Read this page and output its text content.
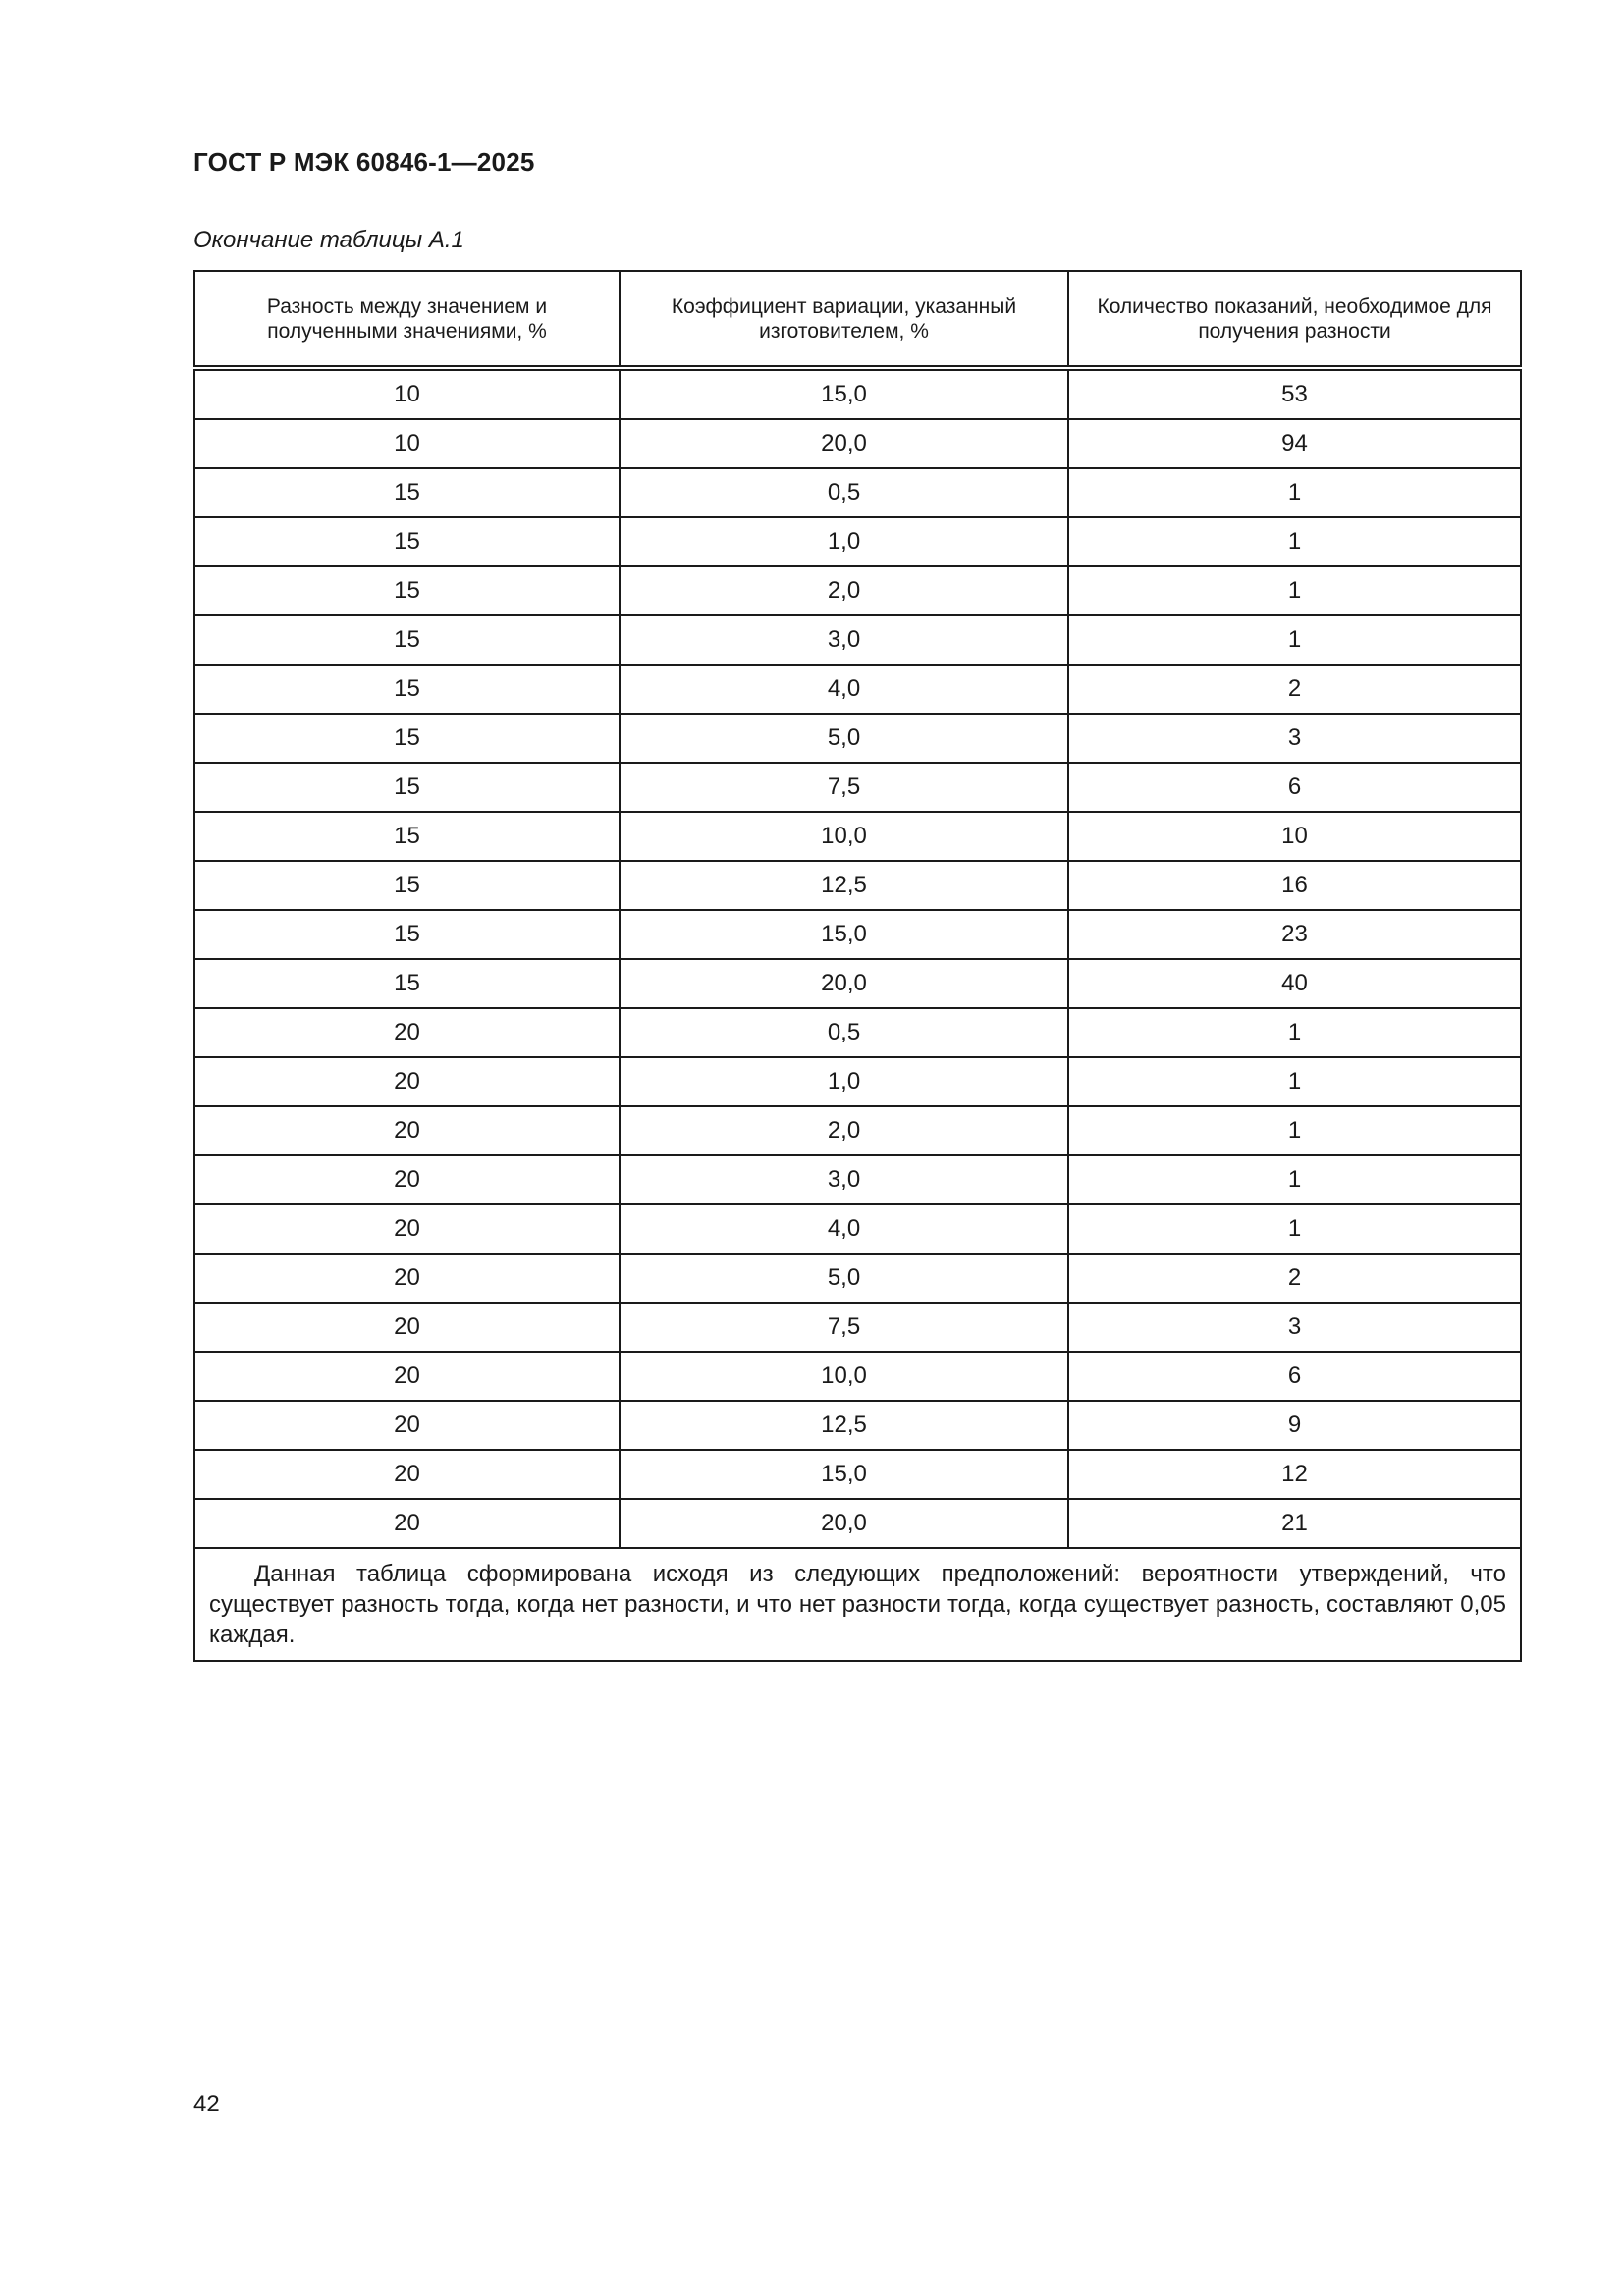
ГОСТ Р МЭК 60846-1—2025
Окончание таблицы А.1
Разность между значением и полученными значениями, %	Коэффициент вариации, указанный изготовителем, %	Количество показаний, необходимое для получения разности
10	15,0	53
10	20,0	94
15	0,5	1
15	1,0	1
15	2,0	1
15	3,0	1
15	4,0	2
15	5,0	3
15	7,5	6
15	10,0	10
15	12,5	16
15	15,0	23
15	20,0	40
20	0,5	1
20	1,0	1
20	2,0	1
20	3,0	1
20	4,0	1
20	5,0	2
20	7,5	3
20	10,0	6
20	12,5	9
20	15,0	12
20	20,0	21
Данная таблица сформирована исходя из следующих предположений: вероятности утверждений, что существует разность тогда, когда нет разности, и что нет разности тогда, когда существует разность, составляют 0,05 каждая.		
42
